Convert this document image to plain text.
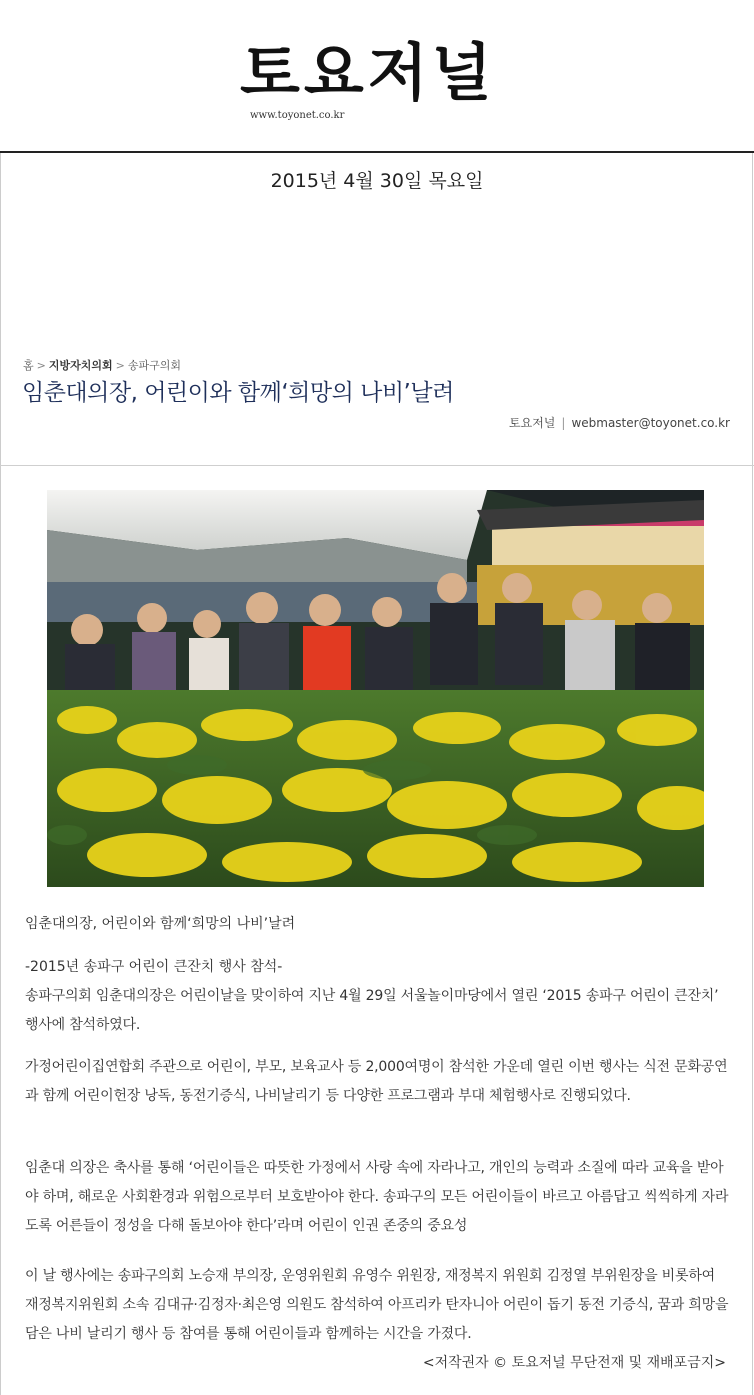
토요저널
www.toyonet.co.kr
2015년 4월 30일 목요일
홈 > 지방자치의회 > 송파구의회
임춘대의장, 어린이와 함께‘희망의 나비’날려
토요저널 | webmaster@toyonet.co.kr
임춘대의장, 어린이와 함께‘희망의 나비’날려
-2015년 송파구 어린이 큰잔치 행사 참석-
송파구의회 임춘대의장은 어린이날을 맞이하여 지난 4월 29일 서울놀이마당에서 열린 ‘2015 송파구 어린이 큰잔치’ 행사에 참석하였다.
가정어린이집연합회 주관으로 어린이, 부모, 보육교사 등 2,000여명이 참석한 가운데 열린 이번 행사는 식전 문화공연과 함께 어린이헌장 낭독, 동전기증식, 나비날리기 등 다양한 프로그램과 부대 체험행사로 진행되었다.
임춘대 의장은 축사를 통해 ‘어린이들은 따뜻한 가정에서 사랑 속에 자라나고, 개인의 능력과 소질에 따라 교육을 받아야 하며, 해로운 사회환경과 위험으로부터 보호받아야 한다. 송파구의 모든 어린이들이 바르고 아름답고 씩씩하게 자라도록 어른들이 정성을 다해 돌보아야 한다’라며 어린이 인권 존중의 중요성
이 날 행사에는 송파구의회 노승재 부의장, 운영위원회 유영수 위원장, 재정복지 위원회 김정열 부위원장을 비롯하여 재정복지위원회 소속 김대규·김정자·최은영 의원도 참석하여 아프리카 탄자니아 어린이 돕기 동전 기증식, 꿈과 희망을 담은 나비 날리기 행사 등 참여를 통해 어린이들과 함께하는 시간을 가졌다.
<저작권자 © 토요저널 무단전재 및 재배포금지>
